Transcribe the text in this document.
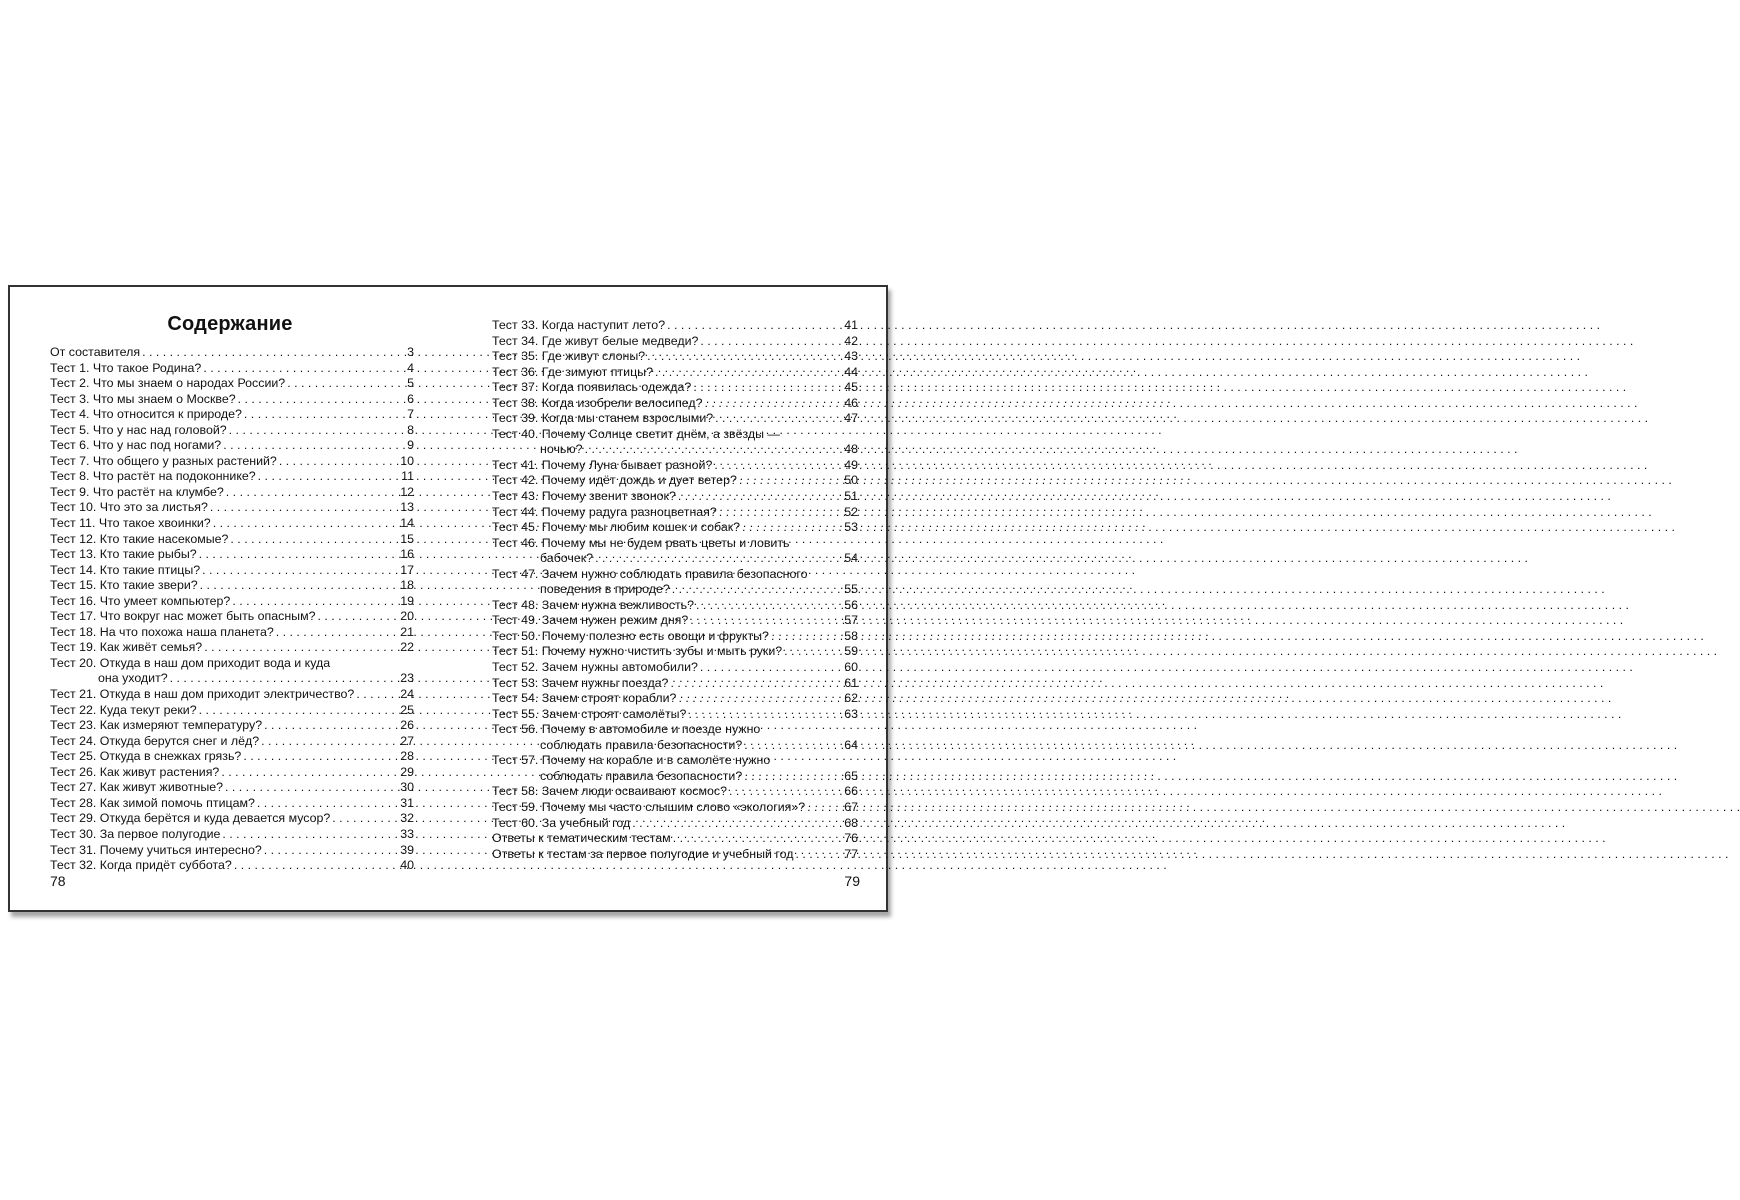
Содержание
От составителя . . .	3
Тест 1. Что такое Родина? . . .	4
Тест 2. Что мы знаем о народах России? . . .	5
Тест 3. Что мы знаем о Москве? . . .	6
Тест 4. Что относится к природе? . . .	7
Тест 5. Что у нас над головой? . . .	8
Тест 6. Что у нас под ногами? . . .	9
Тест 7. Что общего у разных растений? . . .	10
Тест 8. Что растёт на подоконнике? . . .	11
Тест 9. Что растёт на клумбе? . . .	12
Тест 10. Что это за листья? . . .	13
Тест 11. Что такое хвоинки? . . .	14
Тест 12. Кто такие насекомые? . . .	15
Тест 13. Кто такие рыбы? . . .	16
Тест 14. Кто такие птицы? . . .	17
Тест 15. Кто такие звери? . . .	18
Тест 16. Что умеет компьютер? . . .	19
Тест 17. Что вокруг нас может быть опасным? . . .	20
Тест 18. На что похожа наша планета? . . .	21
Тест 19. Как живёт семья? . . .	22
Тест 20. Откуда в наш дом приходит вода и куда
она уходит? . . .	23
Тест 21. Откуда в наш дом приходит электричество? . . .	24
Тест 22. Куда текут реки? . . .	25
Тест 23. Как измеряют температуру? . . .	26
Тест 24. Откуда берутся снег и лёд? . . .	27
Тест 25. Откуда в снежках грязь? . . .	28
Тест 26. Как живут растения? . . .	29
Тест 27. Как живут животные? . . .	30
Тест 28. Как зимой помочь птицам? . . .	31
Тест 29. Откуда берётся и куда девается мусор? . . .	32
Тест 30. За первое полугодие . . .	33
Тест 31. Почему учиться интересно? . . .	39
Тест 32. Когда придёт суббота? . . .	40
78
Тест 33. Когда наступит лето? . . .	41
Тест 34. Где живут белые медведи? . . .	42
Тест 35. Где живут слоны? . . .	43
Тест 36. Где зимуют птицы? . . .	44
Тест 37. Когда появилась одежда? . . .	45
Тест 38. Когда изобрели велосипед? . . .	46
Тест 39. Когда мы станем взрослыми? . . .	47
Тест 40. Почему Солнце светит днём, а звёзды —
ночью? . . .	48
Тест 41. Почему Луна бывает разной? . . .	49
Тест 42. Почему идёт дождь и дует ветер? . . .	50
Тест 43. Почему звенит звонок? . . .	51
Тест 44. Почему радуга разноцветная? . . .	52
Тест 45. Почему мы любим кошек и собак? . . .	53
Тест 46. Почему мы не будем рвать цветы и ловить
бабочек? . . .	54
Тест 47. Зачем нужно соблюдать правила безопасного
поведения в природе? . . .	55
Тест 48. Зачем нужна вежливость? . . .	56
Тест 49. Зачем нужен режим дня? . . .	57
Тест 50. Почему полезно есть овощи и фрукты? . . .	58
Тест 51. Почему нужно чистить зубы и мыть руки? . . .	59
Тест 52. Зачем нужны автомобили? . . .	60
Тест 53. Зачем нужны поезда? . . .	61
Тест 54. Зачем строят корабли? . . .	62
Тест 55. Зачем строят самолёты? . . .	63
Тест 56. Почему в автомобиле и поезде нужно
соблюдать правила безопасности? . . .	64
Тест 57. Почему на корабле и в самолёте нужно
соблюдать правила безопасности? . . .	65
Тест 58. Зачем люди осваивают космос? . . .	66
Тест 59. Почему мы часто слышим слово «экология»? . . .	67
Тест 60. За учебный год . . .	68
Ответы к тематическим тестам . . .	76
Ответы к тестам за первое полугодие и учебный год . . .	77
79
